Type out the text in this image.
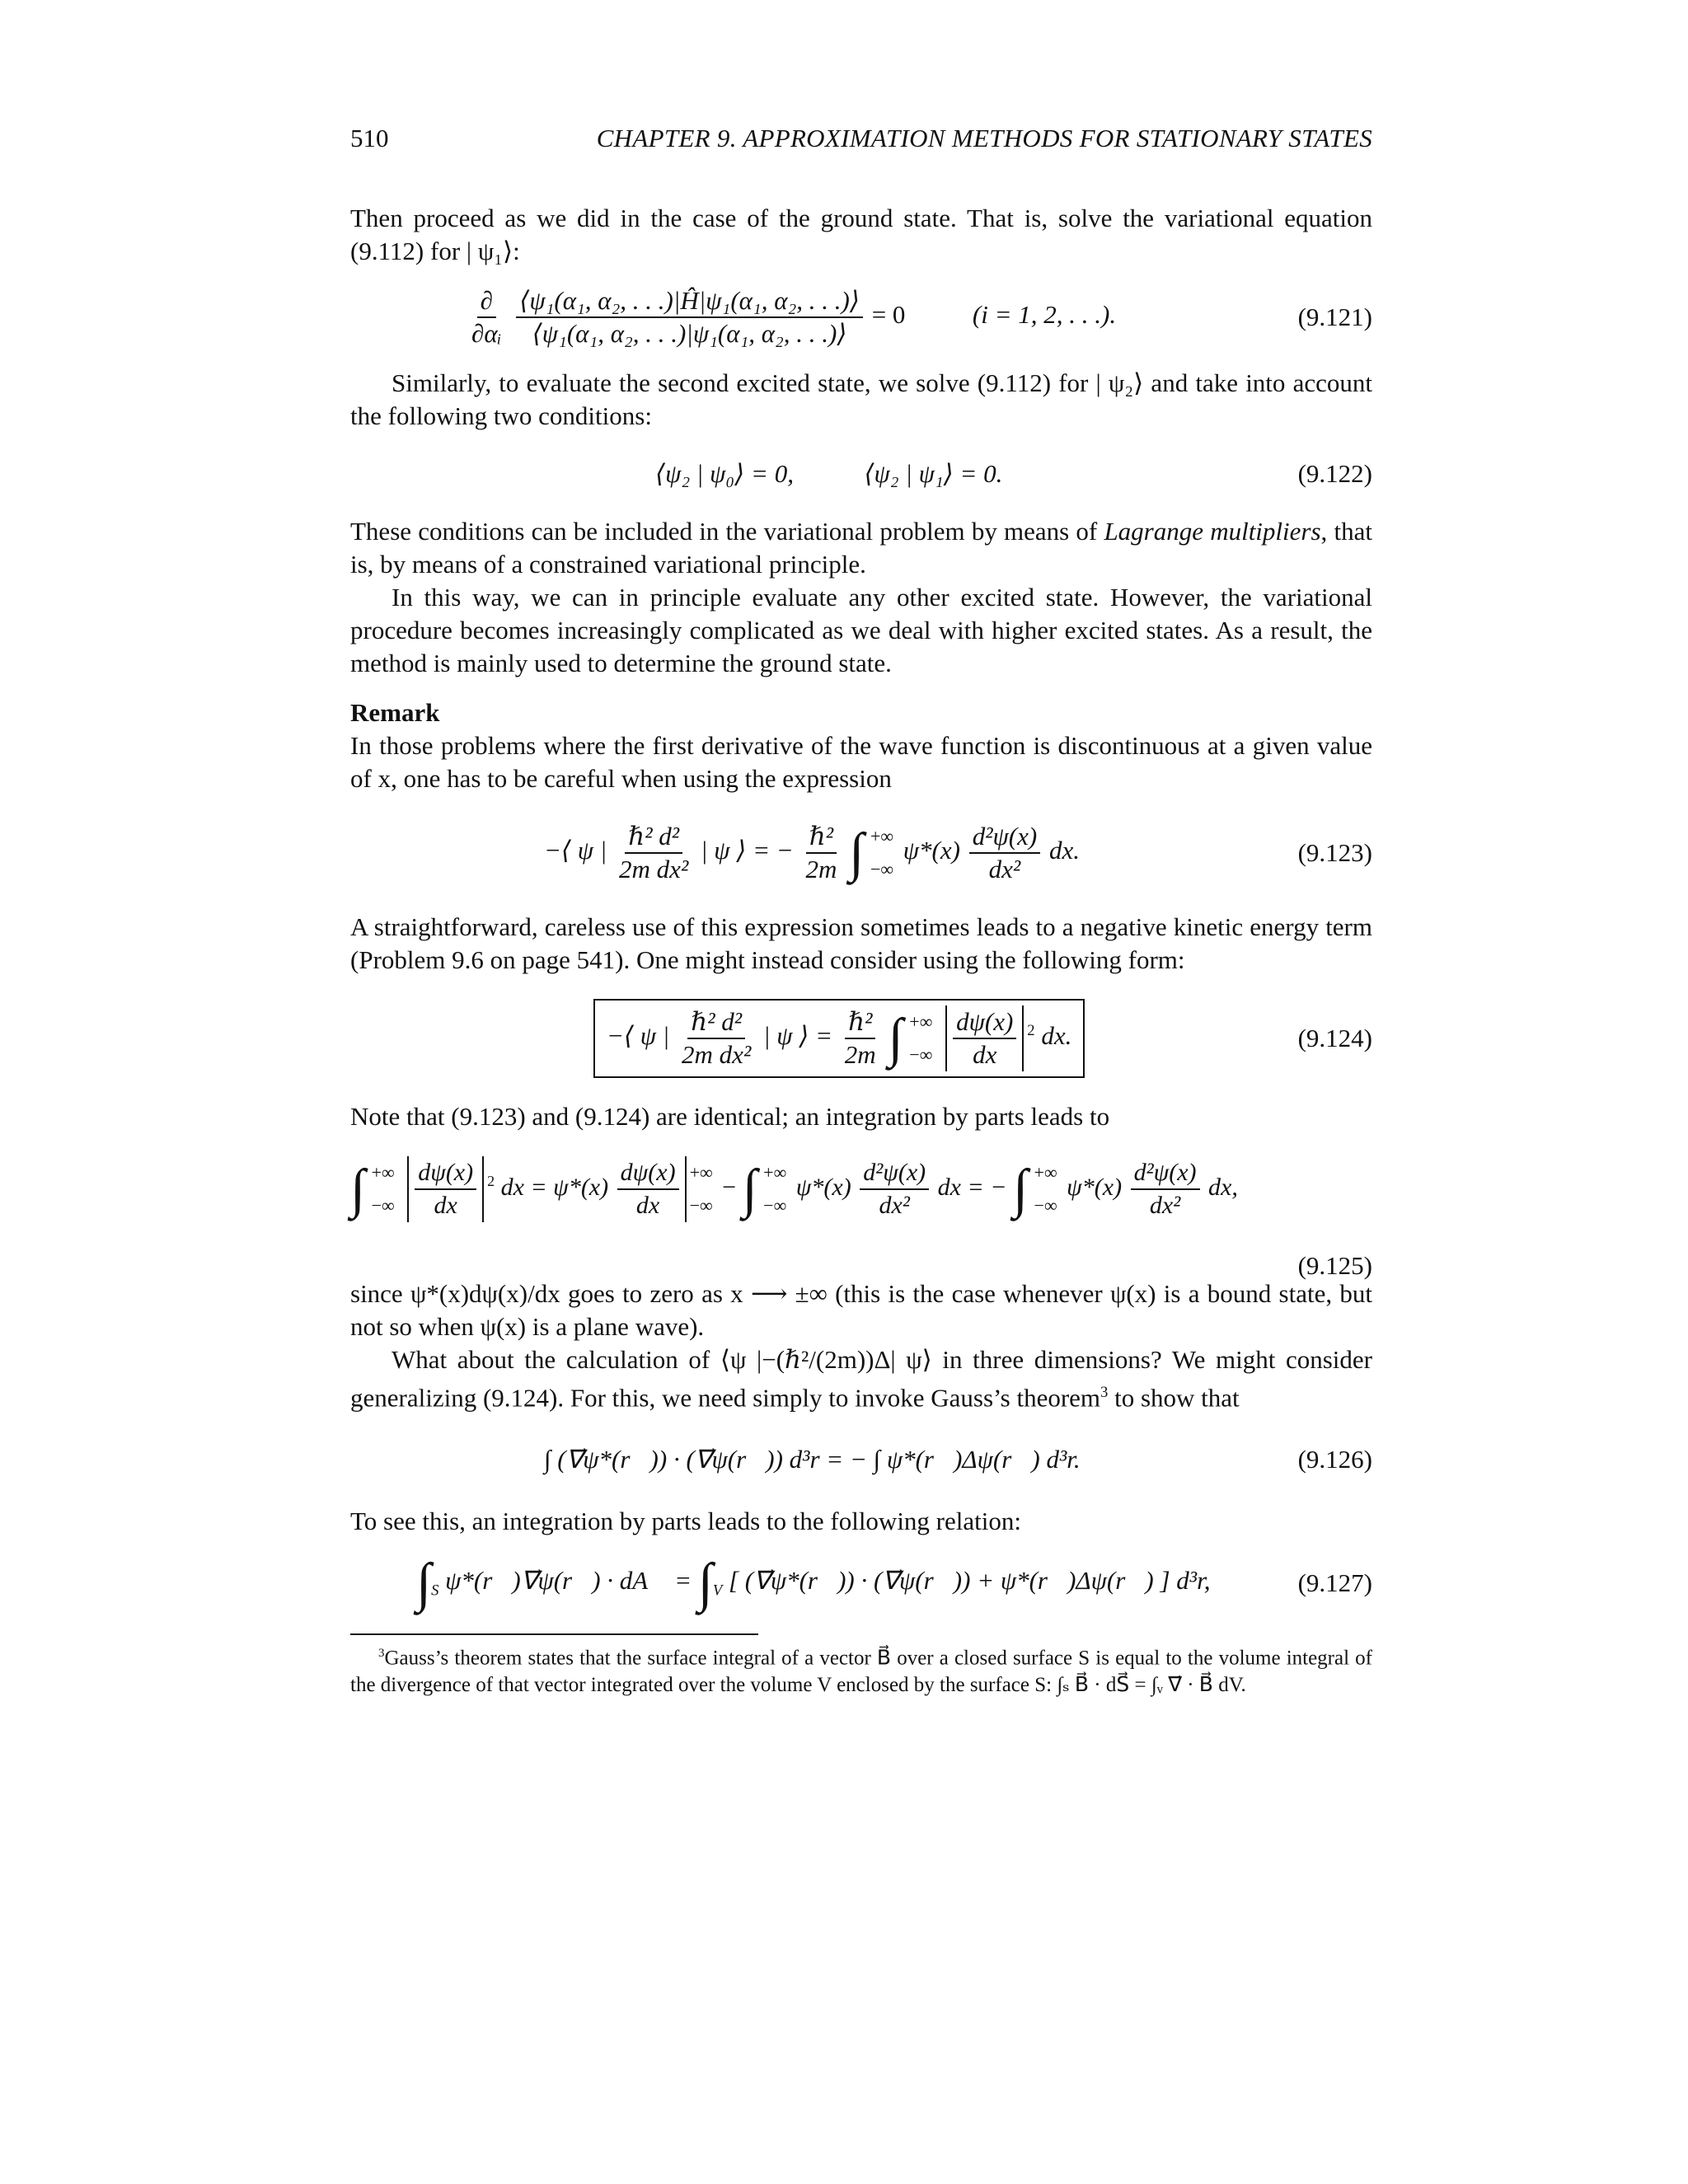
510	CHAPTER 9. APPROXIMATION METHODS FOR STATIONARY STATES

Then proceed as we did in the case of the ground state. That is, solve the variational equation (9.112) for | ψ₁⟩:

$\frac{\partial}{\text{∂αᵢ}}$
$\frac{\text{⟨ψ₁(α₁, α₂, . . .)|Ĥ|ψ₁(α₁, α₂, . . .)⟩}}{\text{⟨ψ₁(α₁, α₂, . . .)|ψ₁(α₁, α₂, . . .)⟩}} = 0$	(i = 1, 2, . . .).	(9.121)

Similarly, to evaluate the second excited state, we solve (9.112) for | ψ₂⟩ and take into account the following two conditions:

⟨ψ₂ | ψ₀⟩ = 0,	⟨ψ₂ | ψ₁⟩ = 0.	(9.122)

These conditions can be included in the variational problem by means of Lagrange multipliers, that is, by means of a constrained variational principle.

In this way, we can in principle evaluate any other excited state. However, the variational procedure becomes increasingly complicated as we deal with higher excited states. As a result, the method is mainly used to determine the ground state.

Remark

In those problems where the first derivative of the wave function is discontinuous at a given value of x, one has to be careful when using the expression

−⟨ ψ | $\frac{\text{ℏ² d²}}{\text{2m dx²}}$ | ψ ⟩ = − $\frac{\text{ℏ²}}{2m}$ ∫ +∞
−∞
$\psi*(x) \frac{\text{d²ψ(x)}}{\text{dx²}}$ dx.	(9.123)

A straightforward, careless use of this expression sometimes leads to a negative kinetic energy term (Problem 9.6 on page 541). One might instead consider using the following form:

−⟨ ψ | $\frac{\text{ℏ² d²}}{\text{2m dx²}}$ | ψ ⟩ = $\frac{\text{ℏ²}}{2m}$ ∫ +∞
−∞
$\frac{d\psi(x)}{dx} ^2$ dx.	(9.124)

Note that (9.123) and (9.124) are identical; an integration by parts leads to

∫ +∞
−∞
$\frac{d\psi(x)}{dx} ^2$ dx = $\psi*(x) \frac{d\psi(x)}{dx}$ +∞
−∞
− ∫ +∞
−∞
$\psi*(x) \frac{\text{d²ψ(x)}}{\text{dx²}}$ dx = − ∫ +∞
−∞
$\psi*(x) \frac{\text{d²ψ(x)}}{\text{dx²}}$ dx,
(9.125)

since ψ*(x)dψ(x)/dx goes to zero as x ⟶ ±∞ (this is the case whenever ψ(x) is a bound state, but not so when ψ(x) is a plane wave).

What about the calculation of ⟨ψ |−(ℏ²/(2m))Δ| ψ⟩ in three dimensions? We might consider generalizing (9.124). For this, we need simply to invoke Gauss’s theorem$^3$ to show that

∫ (∇⃗ψ*(r⃗)) · (∇⃗ψ(r⃗)) d³r = − ∫ ψ*(r⃗)Δψ(r⃗) d³r.	(9.126)

To see this, an integration by parts leads to the following relation:

$\int_S$ ψ*(r⃗)∇⃗ψ(r⃗) · dA⃗ = $\int_V$ [ (∇⃗ψ*(r⃗)) · (∇⃗ψ(r⃗)) + ψ*(r⃗)Δψ(r⃗) ] d³r,	(9.127)
$^3$Gauss’s theorem states that the surface integral of a vector B⃗ over a closed surface S is equal to the volume integral of the divergence of that vector integrated over the volume V enclosed by the surface S: ∫ₛ B⃗ · dS⃗ = ∫ᵥ ∇⃗ · B⃗ dV.
